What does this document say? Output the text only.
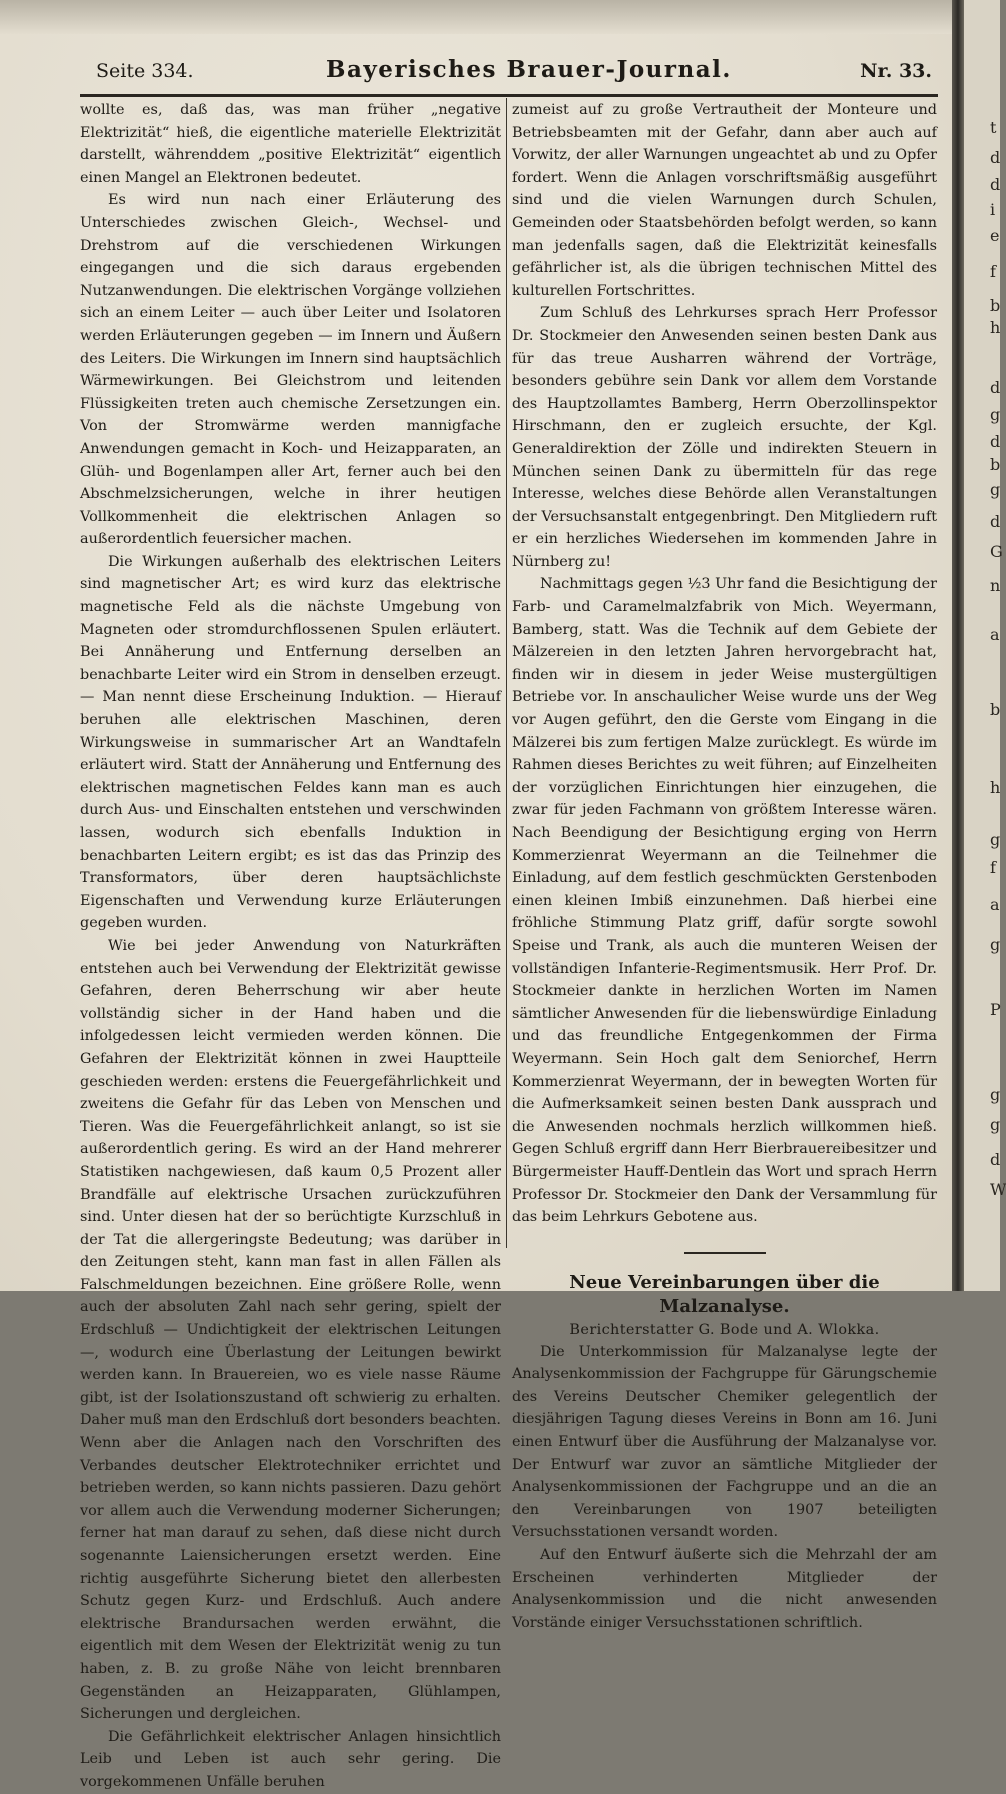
Seite 334.	Bayerisches Brauer-Journal.	Nr. 33.

wollte es, daß das, was man früher „negative Elektrizität“ hieß, die eigentliche materielle Elektrizität darstellt, währenddem „positive Elektrizität“ eigentlich einen Mangel an Elektronen bedeutet.

Es wird nun nach einer Erläuterung des Unterschiedes zwischen Gleich-, Wechsel- und Drehstrom auf die verschiedenen Wirkungen eingegangen und die sich daraus ergebenden Nutzanwendungen. Die elektrischen Vorgänge vollziehen sich an einem Leiter — auch über Leiter und Isolatoren werden Erläuterungen gegeben — im Innern und Äußern des Leiters. Die Wirkungen im Innern sind hauptsächlich Wärmewirkungen. Bei Gleichstrom und leitenden Flüssigkeiten treten auch chemische Zersetzungen ein. Von der Stromwärme werden mannigfache Anwendungen gemacht in Koch- und Heizapparaten, an Glüh- und Bogenlampen aller Art, ferner auch bei den Abschmelzsicherungen, welche in ihrer heutigen Vollkommenheit die elektrischen Anlagen so außerordentlich feuersicher machen.

Die Wirkungen außerhalb des elektrischen Leiters sind magnetischer Art; es wird kurz das elektrische magnetische Feld als die nächste Umgebung von Magneten oder stromdurchflossenen Spulen erläutert. Bei Annäherung und Entfernung derselben an benachbarte Leiter wird ein Strom in denselben erzeugt. — Man nennt diese Erscheinung Induktion. — Hierauf beruhen alle elektrischen Maschinen, deren Wirkungsweise in summarischer Art an Wandtafeln erläutert wird. Statt der Annäherung und Entfernung des elektrischen magnetischen Feldes kann man es auch durch Aus- und Einschalten entstehen und verschwinden lassen, wodurch sich ebenfalls Induktion in benachbarten Leitern ergibt; es ist das das Prinzip des Transformators, über deren hauptsächlichste Eigenschaften und Verwendung kurze Erläuterungen gegeben wurden.

Wie bei jeder Anwendung von Naturkräften entstehen auch bei Verwendung der Elektrizität gewisse Gefahren, deren Beherrschung wir aber heute vollständig sicher in der Hand haben und die infolgedessen leicht vermieden werden können. Die Gefahren der Elektrizität können in zwei Hauptteile geschieden werden: erstens die Feuergefährlichkeit und zweitens die Gefahr für das Leben von Menschen und Tieren. Was die Feuergefährlichkeit anlangt, so ist sie außerordentlich gering. Es wird an der Hand mehrerer Statistiken nachgewiesen, daß kaum 0,5 Prozent aller Brandfälle auf elektrische Ursachen zurückzuführen sind. Unter diesen hat der so berüchtigte Kurzschluß in der Tat die allergeringste Bedeutung; was darüber in den Zeitungen steht, kann man fast in allen Fällen als Falschmeldungen bezeichnen. Eine größere Rolle, wenn auch der absoluten Zahl nach sehr gering, spielt der Erdschluß — Undichtigkeit der elektrischen Leitungen —, wodurch eine Überlastung der Leitungen bewirkt werden kann. In Brauereien, wo es viele nasse Räume gibt, ist der Isolationszustand oft schwierig zu erhalten. Daher muß man den Erdschluß dort besonders beachten. Wenn aber die Anlagen nach den Vorschriften des Verbandes deutscher Elektrotechniker errichtet und betrieben werden, so kann nichts passieren. Dazu gehört vor allem auch die Verwendung moderner Sicherungen; ferner hat man darauf zu sehen, daß diese nicht durch sogenannte Laiensicherungen ersetzt werden. Eine richtig ausgeführte Sicherung bietet den allerbesten Schutz gegen Kurz- und Erdschluß. Auch andere elektrische Brandursachen werden erwähnt, die eigentlich mit dem Wesen der Elektrizität wenig zu tun haben, z. B. zu große Nähe von leicht brennbaren Gegenständen an Heizapparaten, Glühlampen, Sicherungen und dergleichen.

Die Gefährlichkeit elektrischer Anlagen hinsichtlich Leib und Leben ist auch sehr gering. Die vorgekommenen Unfälle beruhen

zumeist auf zu große Vertrautheit der Monteure und Betriebsbeamten mit der Gefahr, dann aber auch auf Vorwitz, der aller Warnungen ungeachtet ab und zu Opfer fordert. Wenn die Anlagen vorschriftsmäßig ausgeführt sind und die vielen Warnungen durch Schulen, Gemeinden oder Staatsbehörden befolgt werden, so kann man jedenfalls sagen, daß die Elektrizität keinesfalls gefährlicher ist, als die übrigen technischen Mittel des kulturellen Fortschrittes.

Zum Schluß des Lehrkurses sprach Herr Professor Dr. Stockmeier den Anwesenden seinen besten Dank aus für das treue Ausharren während der Vorträge, besonders gebühre sein Dank vor allem dem Vorstande des Hauptzollamtes Bamberg, Herrn Oberzollinspektor Hirschmann, den er zugleich ersuchte, der Kgl. Generaldirektion der Zölle und indirekten Steuern in München seinen Dank zu übermitteln für das rege Interesse, welches diese Behörde allen Veranstaltungen der Versuchsanstalt entgegenbringt. Den Mitgliedern ruft er ein herzliches Wiedersehen im kommenden Jahre in Nürnberg zu!

Nachmittags gegen ½3 Uhr fand die Besichtigung der Farb- und Caramelmalzfabrik von Mich. Weyermann, Bamberg, statt. Was die Technik auf dem Gebiete der Mälzereien in den letzten Jahren hervorgebracht hat, finden wir in diesem in jeder Weise mustergültigen Betriebe vor. In anschaulicher Weise wurde uns der Weg vor Augen geführt, den die Gerste vom Eingang in die Mälzerei bis zum fertigen Malze zurücklegt. Es würde im Rahmen dieses Berichtes zu weit führen; auf Einzelheiten der vorzüglichen Einrichtungen hier einzugehen, die zwar für jeden Fachmann von größtem Interesse wären. Nach Beendigung der Besichtigung erging von Herrn Kommerzienrat Weyermann an die Teilnehmer die Einladung, auf dem festlich geschmückten Gerstenboden einen kleinen Imbiß einzunehmen. Daß hierbei eine fröhliche Stimmung Platz griff, dafür sorgte sowohl Speise und Trank, als auch die munteren Weisen der vollständigen Infanterie-Regimentsmusik. Herr Prof. Dr. Stockmeier dankte in herzlichen Worten im Namen sämtlicher Anwesenden für die liebenswürdige Einladung und das freundliche Entgegenkommen der Firma Weyermann. Sein Hoch galt dem Seniorchef, Herrn Kommerzienrat Weyermann, der in bewegten Worten für die Aufmerksamkeit seinen besten Dank aussprach und die Anwesenden nochmals herzlich willkommen hieß. Gegen Schluß ergriff dann Herr Bierbrauereibesitzer und Bürgermeister Hauff-Dentlein das Wort und sprach Herrn Professor Dr. Stockmeier den Dank der Versammlung für das beim Lehrkurs Gebotene aus.

Neue Vereinbarungen über die Malzanalyse.

Berichterstatter G. Bode und A. Wlokka.

Die Unterkommission für Malzanalyse legte der Analysenkommission der Fachgruppe für Gärungschemie des Vereins Deutscher Chemiker gelegentlich der diesjährigen Tagung dieses Vereins in Bonn am 16. Juni einen Entwurf über die Ausführung der Malzanalyse vor. Der Entwurf war zuvor an sämtliche Mitglieder der Analysenkommissionen der Fachgruppe und an die an den Vereinbarungen von 1907 beteiligten Versuchsstationen versandt worden.

Auf den Entwurf äußerte sich die Mehrzahl der am Erscheinen verhinderten Mitglieder der Analysenkommission und die nicht anwesenden Vorstände einiger Versuchsstationen schriftlich.

t
d
d
i
e
f
b
h
d
g
d
b
g
d
G
n
a
b
h
g
f
a
g
P
g
g
d
W
